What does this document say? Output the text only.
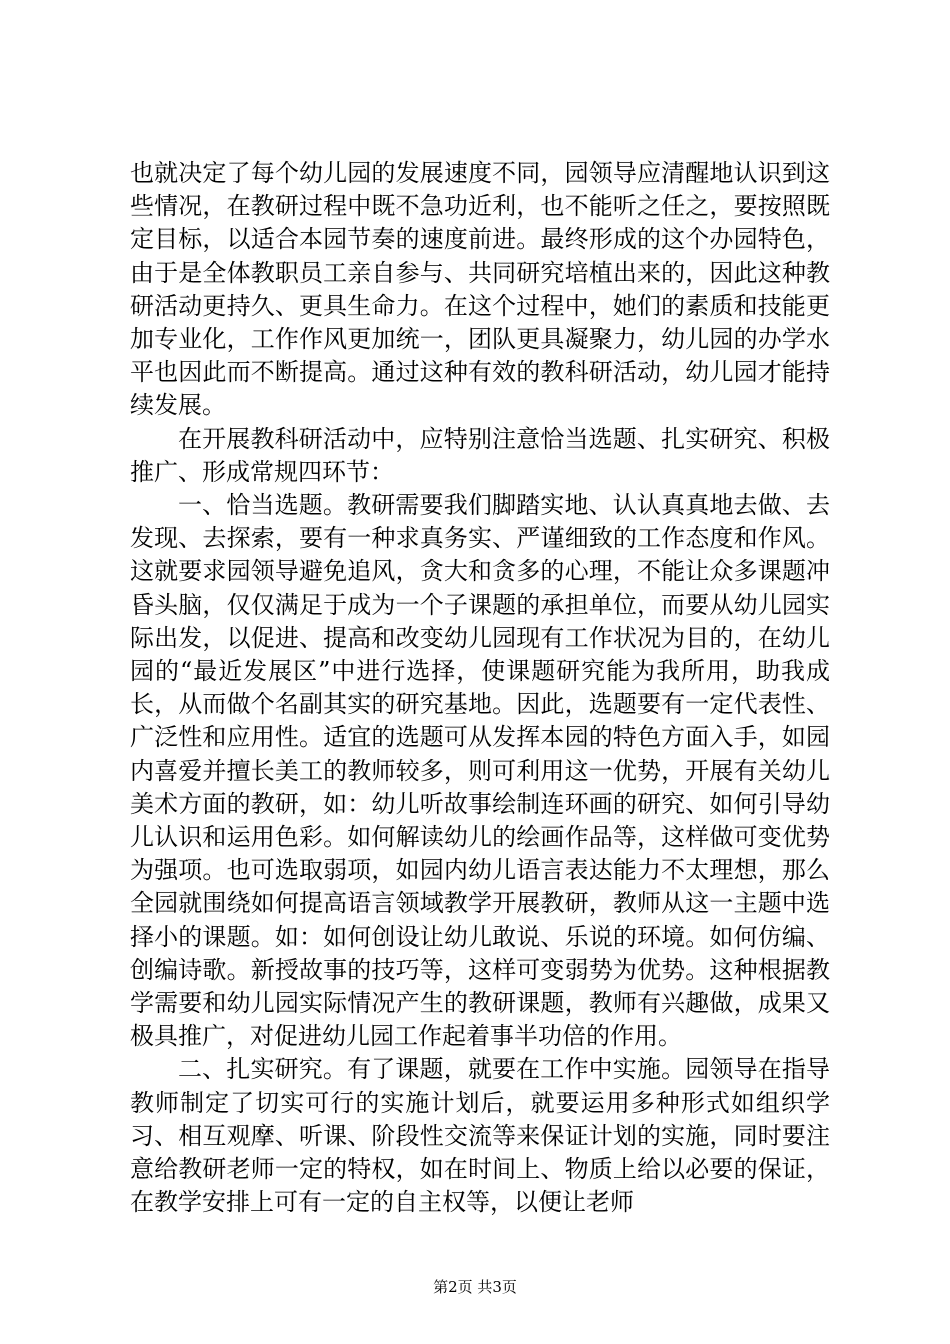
也就决定了每个幼儿园的发展速度不同，园领导应清醒地认识到这些情况，在教研过程中既不急功近利，也不能听之任之，要按照既定目标，以适合本园节奏的速度前进。最终形成的这个办园特色，由于是全体教职员工亲自参与、共同研究培植出来的，因此这种教研活动更持久、更具生命力。在这个过程中，她们的素质和技能更加专业化，工作作风更加统一，团队更具凝聚力，幼儿园的办学水平也因此而不断提高。通过这种有效的教科研活动，幼儿园才能持续发展。

在开展教科研活动中，应特别注意恰当选题、扎实研究、积极推广、形成常规四环节：

一、恰当选题。教研需要我们脚踏实地、认认真真地去做、去发现、去探索，要有一种求真务实、严谨细致的工作态度和作风。这就要求园领导避免追风，贪大和贪多的心理，不能让众多课题冲昏头脑，仅仅满足于成为一个子课题的承担单位，而要从幼儿园实际出发，以促进、提高和改变幼儿园现有工作状况为目的，在幼儿园的“最近发展区”中进行选择，使课题研究能为我所用，助我成长，从而做个名副其实的研究基地。因此，选题要有一定代表性、广泛性和应用性。适宜的选题可从发挥本园的特色方面入手，如园内喜爱并擅长美工的教师较多，则可利用这一优势，开展有关幼儿美术方面的教研，如：幼儿听故事绘制连环画的研究、如何引导幼儿认识和运用色彩。如何解读幼儿的绘画作品等，这样做可变优势为强项。也可选取弱项，如园内幼儿语言表达能力不太理想，那么全园就围绕如何提高语言领域教学开展教研，教师从这一主题中选择小的课题。如：如何创设让幼儿敢说、乐说的环境。如何仿编、创编诗歌。新授故事的技巧等，这样可变弱势为优势。这种根据教学需要和幼儿园实际情况产生的教研课题，教师有兴趣做，成果又极具推广，对促进幼儿园工作起着事半功倍的作用。

二、扎实研究。有了课题，就要在工作中实施。园领导在指导教师制定了切实可行的实施计划后，就要运用多种形式如组织学习、相互观摩、听课、阶段性交流等来保证计划的实施，同时要注意给教研老师一定的特权，如在时间上、物质上给以必要的保证，在教学安排上可有一定的自主权等，以便让老师

第2页 共3页
